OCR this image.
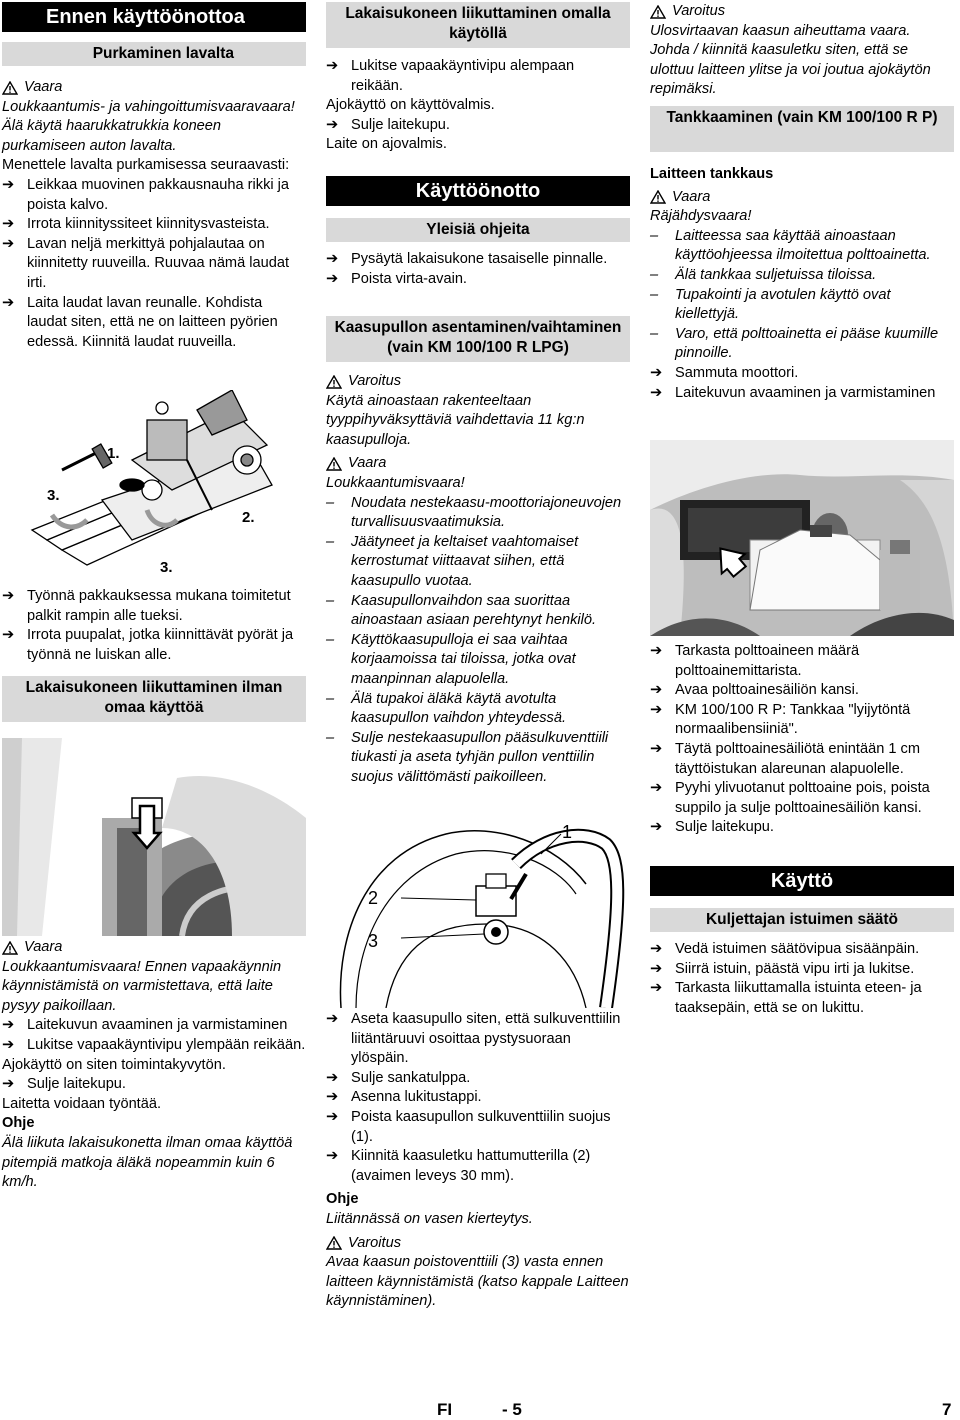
Ennen käyttöönottoa
Purkaminen lavalta
Vaara

Loukkaantumis- ja vahingoittumisvaaravaara! Älä käytä haarukkatrukkia koneen purkamiseen auton lavalta.

Menettele lavalta purkamisessa seuraavasti:

➔ Leikkaa muovinen pakkausnauha rikki ja poista kalvo.
➔ Irrota kiinnityssiteet kiinnitysvasteista.
➔ Lavan neljä merkittyä pohjalautaa on kiinnitetty ruuveilla. Ruuvaa nämä laudat irti.
➔ Laita laudat lavan reunalle. Kohdista laudat siten, että ne on laitteen pyörien edessä. Kiinnitä laudat ruuveilla.
1.
2.
3.
3.
➔ Työnnä pakkauksessa mukana toimitetut palkit rampin alle tueksi.
➔ Irrota puupalat, jotka kiinnittävät pyörät ja työnnä ne luiskan alle.
Lakaisukoneen liikuttaminen ilman omaa käyttöä
Vaara

Loukkaantumisvaara! Ennen vapaakäynnin käynnistämistä on varmistettava, että laite pysyy paikoillaan.

➔ Laitekuvun avaaminen ja varmistaminen
➔ Lukitse vapaakäyntivipu ylempään reikään.

Ajokäyttö on siten toimintakyvytön.

➔ Sulje laitekupu.

Laitetta voidaan työntää.

Ohje

Älä liikuta lakaisukonetta ilman omaa käyttöä pitempiä matkoja äläkä nopeammin kuin 6 km/h.

Lakaisukoneen liikuttaminen omalla käytöllä
➔ Lukitse vapaakäyntivipu alempaan reikään.

Ajokäyttö on käyttövalmis.

➔ Sulje laitekupu.

Laite on ajovalmis.

Käyttöönotto
Yleisiä ohjeita
➔ Pysäytä lakaisukone tasaiselle pinnalle.
➔ Poista virta-avain.
Kaasupullon asentaminen/vaihtaminen (vain KM 100/100 R LPG)
Varoitus

Käytä ainoastaan rakenteeltaan tyyppihyväksyttäviä vaihdettavia 11 kg:n kaasupulloja.

Vaara

Loukkaantumisvaara!

–	Noudata nestekaasu-moottoriajoneuvojen turvallisuusvaatimuksia.
–	Jäätyneet ja keltaiset vaahtomaiset kerrostumat viittaavat siihen, että kaasupullo vuotaa.
–	Kaasupullonvaihdon saa suorittaa ainoastaan asiaan perehtynyt henkilö.
–	Käyttökaasupulloja ei saa vaihtaa korjaamoissa tai tiloissa, jotka ovat maanpinnan alapuolella.
–	Älä tupakoi äläkä käytä avotulta kaasupullon vaihdon yhteydessä.
–	Sulje nestekaasupullon pääsulkuventtiili tiukasti ja aseta tyhjän pullon venttiilin suojus välittömästi paikoilleen.
1
2
3
➔ Aseta kaasupullo siten, että sulkuventtiilin liitäntäruuvi osoittaa pystysuoraan ylöspäin.
➔ Sulje sankatulppa.
➔ Asenna lukitustappi.
➔ Poista kaasupullon sulkuventtiilin suojus (1).
➔ Kiinnitä kaasuletku hattumutterilla (2) (avaimen leveys 30 mm).

Ohje

Liitännässä on vasen kierteytys.

Varoitus

Avaa kaasun poistoventtiili (3) vasta ennen laitteen käynnistämistä (katso kappale Laitteen käynnistäminen).

Varoitus

Ulosvirtaavan kaasun aiheuttama vaara. Johda / kiinnitä kaasuletku siten, että se ulottuu laitteen ylitse ja voi joutua ajokäytön repimäksi.

Tankkaaminen (vain KM 100/100 R P)

Laitteen tankkaus

Vaara

Räjähdysvaara!

–	Laitteessa saa käyttää ainoastaan käyttöohjeessa ilmoitettua polttoainetta.
–	Älä tankkaa suljetuissa tiloissa.
–	Tupakointi ja avotulen käyttö ovat kiellettyjä.
–	Varo, että polttoainetta ei pääse kuumille pinnoille.
➔ Sammuta moottori.
➔ Laitekuvun avaaminen ja varmistaminen
➔ Tarkasta polttoaineen määrä polttoainemittarista.
➔ Avaa polttoainesäiliön kansi.
➔ KM 100/100 R P: Tankkaa "lyijytöntä normaalibensiiniä".
➔ Täytä polttoainesäiliötä enintään 1 cm täyttöistukan alareunan alapuolelle.
➔ Pyyhi ylivuotanut polttoaine pois, poista suppilo ja sulje polttoainesäiliön kansi.
➔ Sulje laitekupu.
Käyttö
Kuljettajan istuimen säätö
➔ Vedä istuimen säätövipua sisäänpäin.
➔ Siirrä istuin, päästä vipu irti ja lukitse.
➔ Tarkasta liikuttamalla istuinta eteen- ja taaksepäin, että se on lukittu.
FI	- 5	7
